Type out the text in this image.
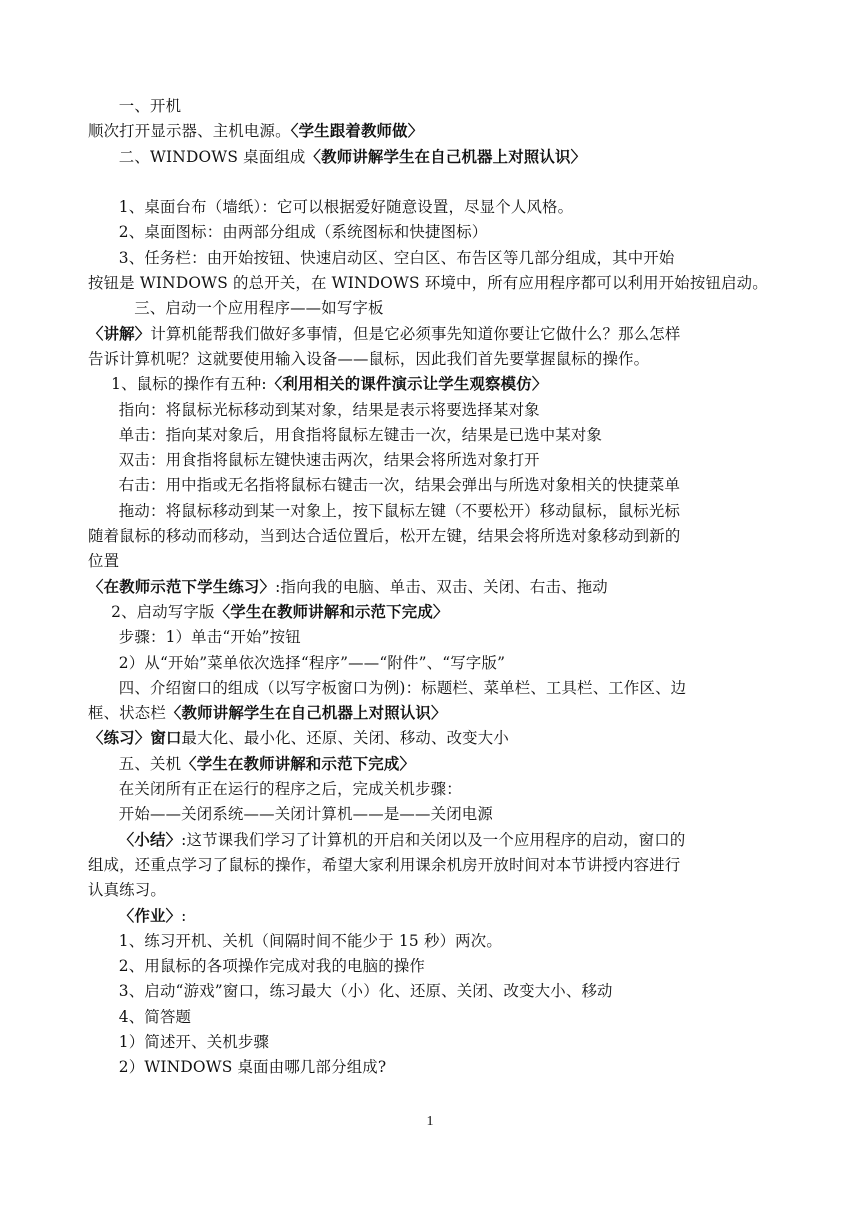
一、开机
顺次打开显示器、主机电源。〈学生跟着教师做〉
二、WINDOWS 桌面组成〈教师讲解学生在自己机器上对照认识〉
1、桌面台布（墙纸）：它可以根据爱好随意设置，尽显个人风格。
2、桌面图标：由两部分组成（系统图标和快捷图标）
3、任务栏：由开始按钮、快速启动区、空白区、布告区等几部分组成，其中开始
按钮是 WINDOWS 的总开关，在 WINDOWS 环境中，所有应用程序都可以利用开始按钮启动。
三、启动一个应用程序——如写字板
〈讲解〉计算机能帮我们做好多事情，但是它必须事先知道你要让它做什么？那么怎样
告诉计算机呢？这就要使用输入设备——鼠标，因此我们首先要掌握鼠标的操作。
1、鼠标的操作有五种:〈利用相关的课件演示让学生观察模仿〉
指向：将鼠标光标移动到某对象，结果是表示将要选择某对象
单击：指向某对象后，用食指将鼠标左键击一次，结果是已选中某对象
双击：用食指将鼠标左键快速击两次，结果会将所选对象打开
右击：用中指或无名指将鼠标右键击一次，结果会弹出与所选对象相关的快捷菜单
拖动：将鼠标移动到某一对象上，按下鼠标左键（不要松开）移动鼠标，鼠标光标
随着鼠标的移动而移动，当到达合适位置后，松开左键，结果会将所选对象移动到新的
位置
〈在教师示范下学生练习〉:指向我的电脑、单击、双击、关闭、右击、拖动
2、启动写字版〈学生在教师讲解和示范下完成〉
步骤：1）单击“开始”按钮
2）从“开始”菜单依次选择“程序”——“附件”、“写字版”
四、介绍窗口的组成（以写字板窗口为例)：标题栏、菜单栏、工具栏、工作区、边
框、状态栏〈教师讲解学生在自己机器上对照认识〉
〈练习〉窗口最大化、最小化、还原、关闭、移动、改变大小
五、关机〈学生在教师讲解和示范下完成〉
在关闭所有正在运行的程序之后，完成关机步骤：
开始——关闭系统——关闭计算机——是——关闭电源
〈小结〉:这节课我们学习了计算机的开启和关闭以及一个应用程序的启动，窗口的
组成，还重点学习了鼠标的操作，希望大家利用课余机房开放时间对本节讲授内容进行
认真练习。
〈作业〉:
1、练习开机、关机（间隔时间不能少于 15 秒）两次。
2、用鼠标的各项操作完成对我的电脑的操作
3、启动“游戏”窗口，练习最大（小）化、还原、关闭、改变大小、移动
4、简答题
1）简述开、关机步骤
2）WINDOWS 桌面由哪几部分组成?
1
